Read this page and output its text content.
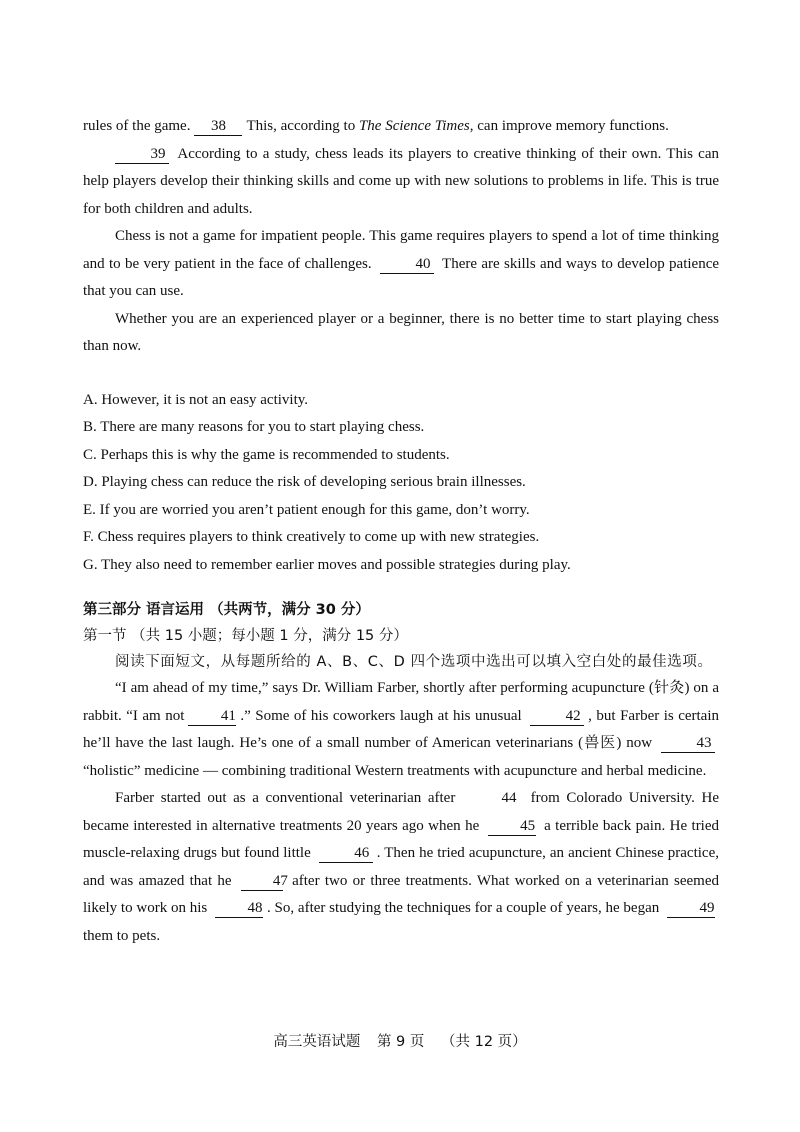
rules of the game. 38 This, according to The Science Times, can improve memory functions.

39 According to a study, chess leads its players to creative thinking of their own. This can help players develop their thinking skills and come up with new solutions to problems in life. This is true for both children and adults.

Chess is not a game for impatient people. This game requires players to spend a lot of time thinking and to be very patient in the face of challenges.	40 There are skills and ways to develop patience that you can use.

Whether you are an experienced player or a beginner, there is no better time to start playing chess than now.

A. However, it is not an easy activity.

B. There are many reasons for you to start playing chess.

C. Perhaps this is why the game is recommended to students.

D. Playing chess can reduce the risk of developing serious brain illnesses.

E. If you are worried you aren’t patient enough for this game, don’t worry.

F. Chess requires players to think creatively to come up with new strategies.

G. They also need to remember earlier moves and possible strategies during play.

第三部分 语言运用 （共两节，满分 30 分）
第一节 （共 15 小题；每小题 1 分，满分 15 分）
阅读下面短文，从每题所给的 A、B、C、D 四个选项中选出可以填入空白处的最佳选项。

“I am ahead of my time,” says Dr. William Farber, shortly after performing acupuncture (针灸) on a rabbit. “I am not 41 .” Some of his coworkers laugh at his unusual	42 , but Farber is certain he’ll have the last laugh. He’s one of a small number of American veterinarians (兽医) now	43 “holistic” medicine — combining traditional Western treatments with acupuncture and herbal medicine.

Farber started out as a conventional veterinarian after	44 from Colorado University. He became interested in alternative treatments 20 years ago when he	45 a terrible back pain. He tried muscle-relaxing drugs but found little	46 . Then he tried acupuncture, an ancient Chinese practice, and was amazed that he	47 after two or three treatments. What worked on a veterinarian seemed likely to work on his	48 . So, after studying the techniques for a couple of years, he began	49 them to pets.

高三英语试题 第 9 页 （共 12 页）
